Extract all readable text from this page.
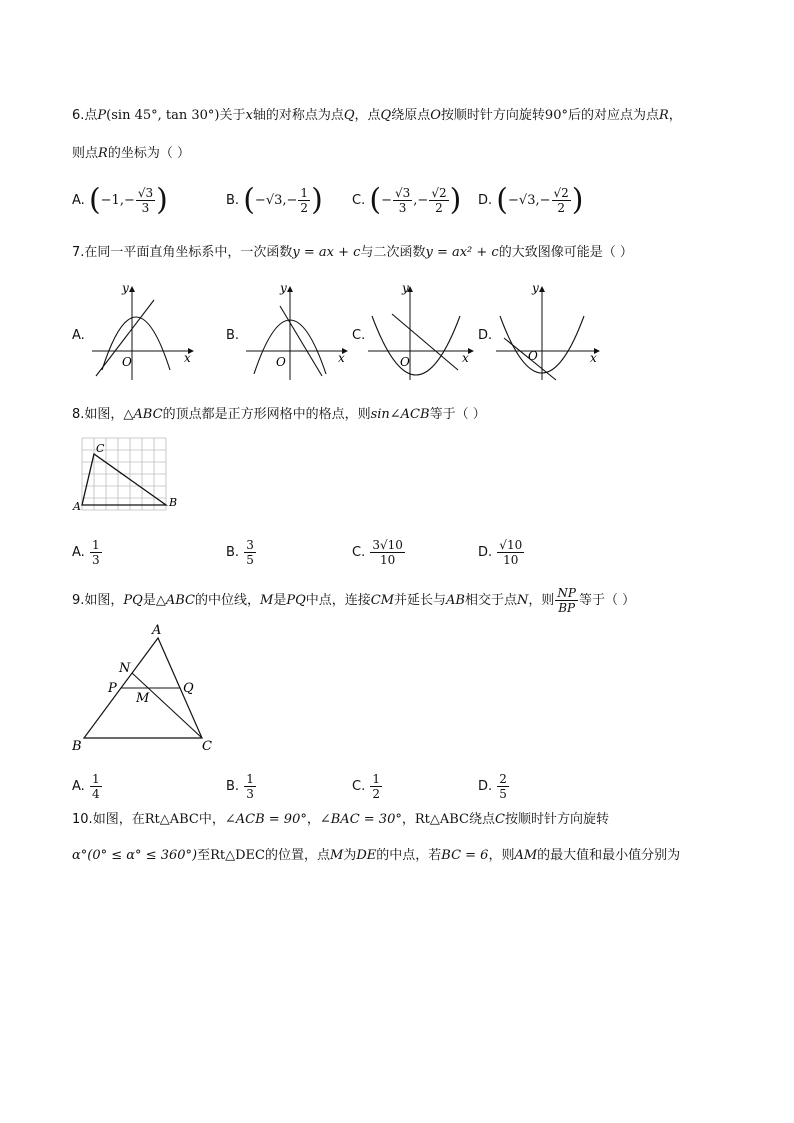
6.点P(sin 45°, tan 30°)关于x轴的对称点为点Q，点Q绕原点O按顺时针方向旋转90°后的对应点为点R，
则点R的坐标为（ ）
A. ($-1,- \frac{√3}{3}$ )	B. ($-√3,- \frac{1}{2}$ ) C. (− $\frac{√3}{3}$ ,− $\frac{√2}{2}$ ) D. ($-√3,- \frac{√2}{2}$ )
7.在同一平面直角坐标系中，一次函数y = ax + c与二次函数y = ax² + c的大致图像可能是（ ）
A.
y
x
O
B.
y
x
O
C.
y
x
O
D.
y
x
O
8.如图，△ABC的顶点都是正方形网格中的格点，则sin∠ACB等于（ ）
A	B
C
A. $\frac{1}{3}$	B. $\frac{3}{5}$	C. $\frac{3√10}{10}$	D. $\frac{√10}{10}$
9.如图，PQ是△ABC的中位线，M是PQ中点，连接CM并延长与AB相交于点N，则 $\frac{NP}{BP}$ 等于（ ）
A
B	C
N
P	Q
M
A. $\frac{1}{4}$	B. $\frac{1}{3}$	C. $\frac{1}{2}$	D. $\frac{2}{5}$
10.如图，在Rt△ABC中，∠ACB = 90°，∠BAC = 30°，Rt△ABC绕点C按顺时针方向旋转
α°(0° ≤ α° ≤ 360°)至Rt△DEC的位置，点M为DE的中点，若BC = 6，则AM的最大值和最小值分别为
